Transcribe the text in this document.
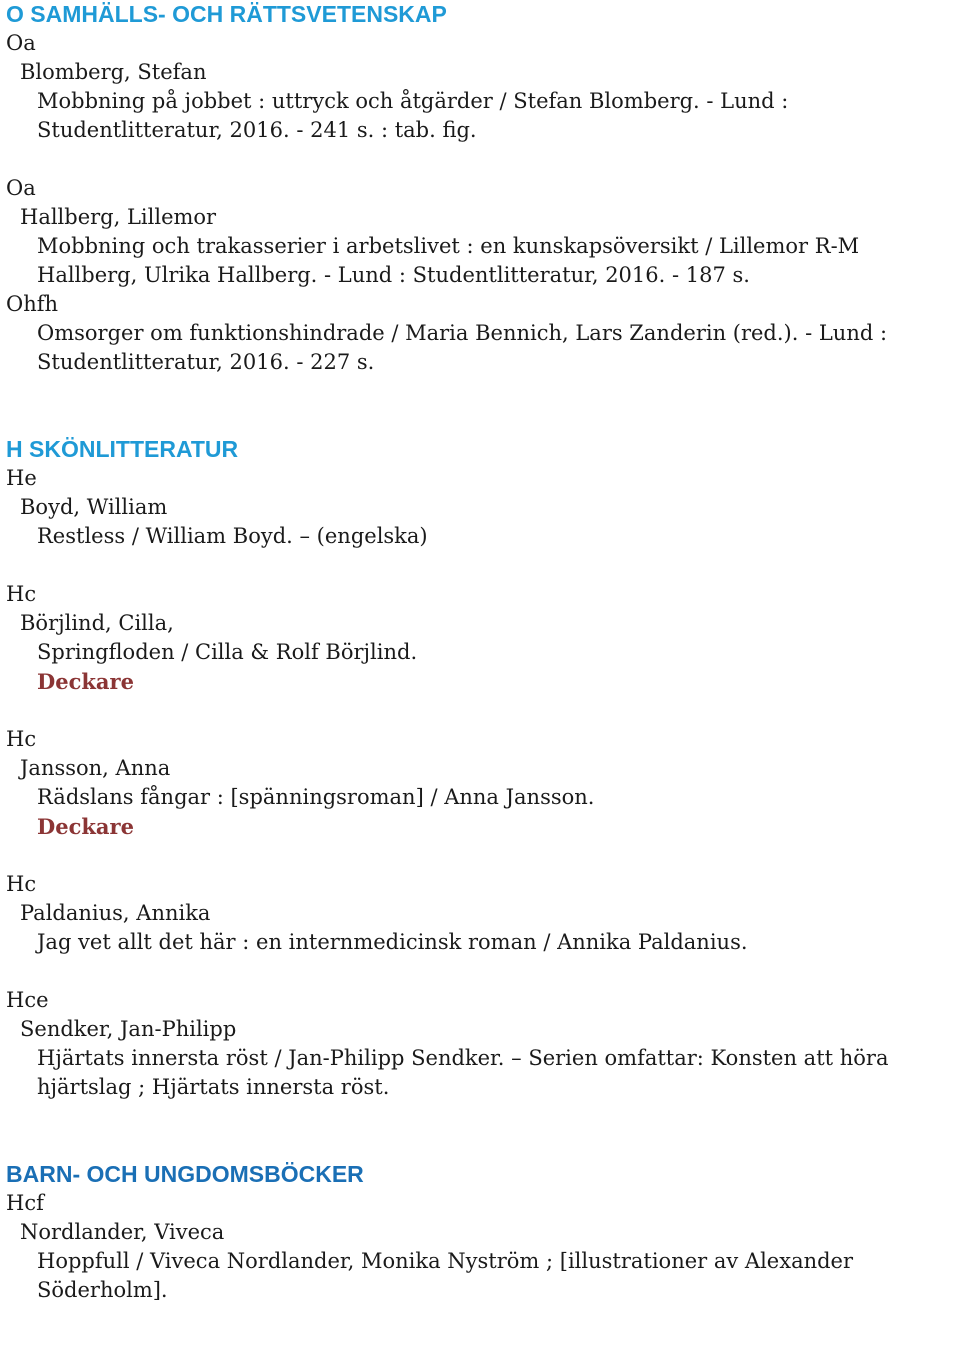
O SAMHÄLLS- OCH RÄTTSVETENSKAP
Oa
Blomberg, Stefan
Mobbning på jobbet : uttryck och åtgärder / Stefan Blomberg. - Lund :
Studentlitteratur, 2016. - 241 s. : tab. fig.
Oa
Hallberg, Lillemor
Mobbning och trakasserier i arbetslivet : en kunskapsöversikt / Lillemor R-M
Hallberg, Ulrika Hallberg. - Lund : Studentlitteratur, 2016. - 187 s.
Ohfh
Omsorger om funktionshindrade / Maria Bennich, Lars Zanderin (red.). - Lund :
Studentlitteratur, 2016. - 227 s.
H SKÖNLITTERATUR
He
Boyd, William
Restless / William Boyd. – (engelska)
Hc
Börjlind, Cilla,
Springfloden / Cilla & Rolf Börjlind.
Deckare
Hc
Jansson, Anna
Rädslans fångar : [spänningsroman] / Anna Jansson.
Deckare
Hc
Paldanius, Annika
Jag vet allt det här : en internmedicinsk roman / Annika Paldanius.
Hce
Sendker, Jan-Philipp
Hjärtats innersta röst / Jan-Philipp Sendker. – Serien omfattar: Konsten att höra
hjärtslag ; Hjärtats innersta röst.
BARN- OCH UNGDOMSBÖCKER
Hcf
Nordlander, Viveca
Hoppfull / Viveca Nordlander, Monika Nyström ; [illustrationer av Alexander
Söderholm].
